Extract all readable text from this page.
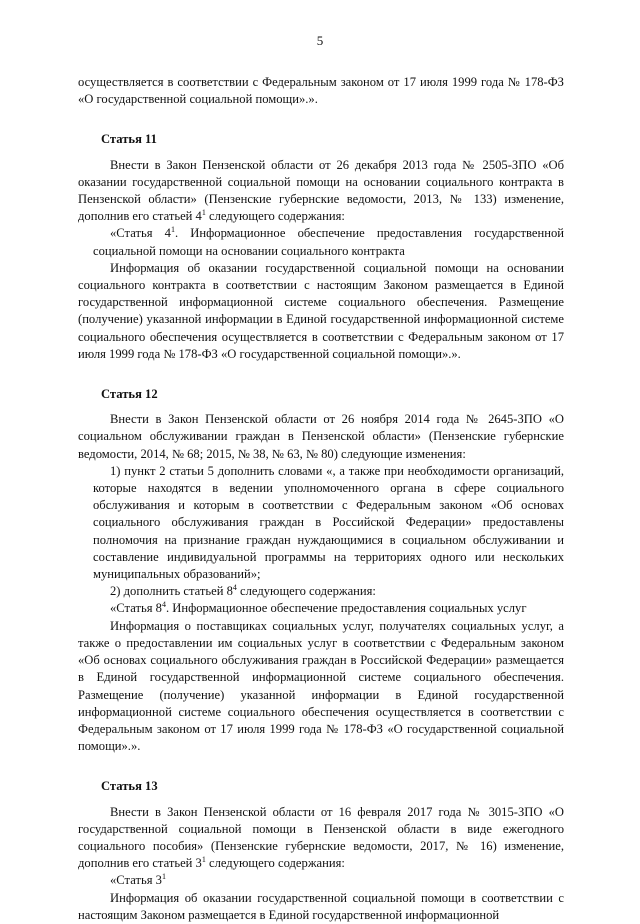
5

осуществляется в соответствии с Федеральным законом от 17 июля 1999 года № 178-ФЗ «О государственной социальной помощи».».

Статья 11

Внести в Закон Пензенской области от 26 декабря 2013 года № 2505-ЗПО «Об оказании государственной социальной помощи на основании социального контракта в Пензенской области» (Пензенские губернские ведомости, 2013, № 133) изменение, дополнив его статьей $4^1$ следующего содержания:

«Статья $4^1$. Информационное обеспечение предоставления государственной социальной помощи на основании социального контракта

Информация об оказании государственной социальной помощи на основании социального контракта в соответствии с настоящим Законом размещается в Единой государственной информационной системе социального обеспечения. Размещение (получение) указанной информации в Единой государственной информационной системе социального обеспечения осуществляется в соответствии с Федеральным законом от 17 июля 1999 года № 178-ФЗ «О государственной социальной помощи».».

Статья 12

Внести в Закон Пензенской области от 26 ноября 2014 года № 2645-ЗПО «О социальном обслуживании граждан в Пензенской области» (Пензенские губернские ведомости, 2014, № 68; 2015, № 38, № 63, № 80) следующие изменения:

1) пункт 2 статьи 5 дополнить словами «, а также при необходимости организаций, которые находятся в ведении уполномоченного органа в сфере социального обслуживания и которым в соответствии с Федеральным законом «Об основах социального обслуживания граждан в Российской Федерации» предоставлены полномочия на признание граждан нуждающимися в социальном обслуживании и составление индивидуальной программы на территориях одного или нескольких муниципальных образований»;

2) дополнить статьей $8^4$ следующего содержания:

«Статья $8^4$. Информационное обеспечение предоставления социальных услуг

Информация о поставщиках социальных услуг, получателях социальных услуг, а также о предоставлении им социальных услуг в соответствии с Федеральным законом «Об основах социального обслуживания граждан в Российской Федерации» размещается в Единой государственной информационной системе социального обеспечения. Размещение (получение) указанной информации в Единой государственной информационной системе социального обеспечения осуществляется в соответствии с Федеральным законом от 17 июля 1999 года № 178-ФЗ «О государственной социальной помощи».».

Статья 13

Внести в Закон Пензенской области от 16 февраля 2017 года № 3015-ЗПО «О государственной социальной помощи в Пензенской области в виде ежегодного социального пособия» (Пензенские губернские ведомости, 2017, № 16) изменение, дополнив его статьей $3^1$ следующего содержания:

«Статья $3^1$

Информация об оказании государственной социальной помощи в соответствии с настоящим Законом размещается в Единой государственной информационной
